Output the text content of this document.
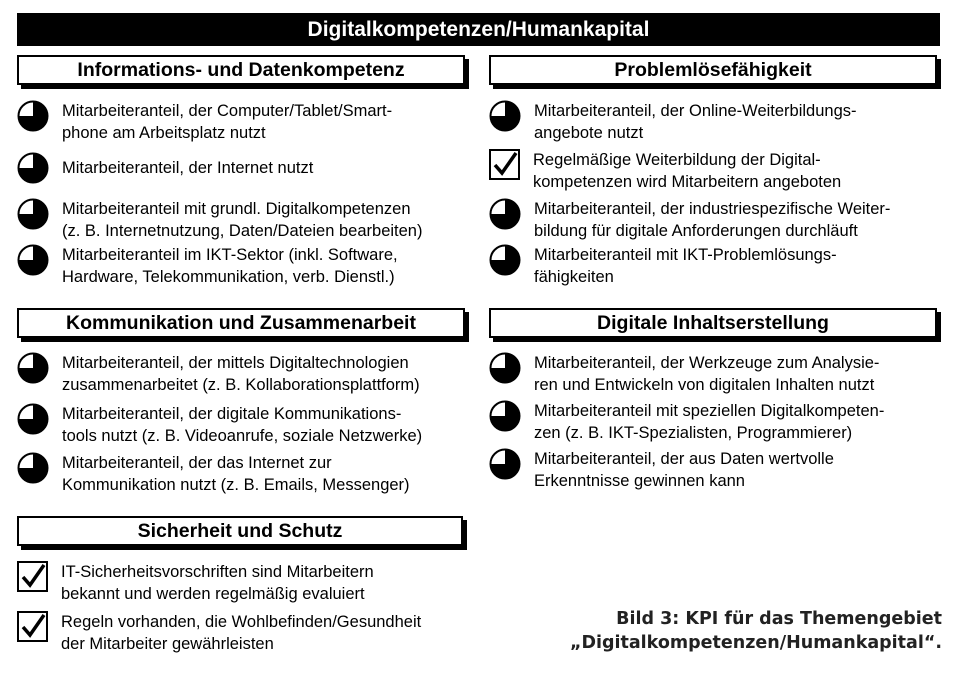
Digitalkompetenzen/Humankapital
Informations- und Datenkompetenz
Mitarbeiteranteil, der Computer/Tablet/Smart-
phone am Arbeitsplatz nutzt
Mitarbeiteranteil, der Internet nutzt
Mitarbeiteranteil mit grundl. Digitalkompetenzen
(z. B. Internetnutzung, Daten/Dateien bearbeiten)
Mitarbeiteranteil im IKT-Sektor (inkl. Software,
Hardware, Telekommunikation, verb. Dienstl.)
Problemlösefähigkeit
Mitarbeiteranteil, der Online-Weiterbildungs-
angebote nutzt
Regelmäßige Weiterbildung der Digital-
kompetenzen wird Mitarbeitern angeboten
Mitarbeiteranteil, der industriespezifische Weiter-
bildung für digitale Anforderungen durchläuft
Mitarbeiteranteil mit IKT-Problemlösungs-
fähigkeiten
Kommunikation und Zusammenarbeit
Mitarbeiteranteil, der mittels Digitaltechnologien
zusammenarbeitet (z. B. Kollaborationsplattform)
Mitarbeiteranteil, der digitale Kommunikations-
tools nutzt (z. B. Videoanrufe, soziale Netzwerke)
Mitarbeiteranteil, der das Internet zur
Kommunikation nutzt (z. B. Emails, Messenger)
Digitale Inhaltserstellung
Mitarbeiteranteil, der Werkzeuge zum Analysie-
ren und Entwickeln von digitalen Inhalten nutzt
Mitarbeiteranteil mit speziellen Digitalkompeten-
zen (z. B. IKT-Spezialisten, Programmierer)
Mitarbeiteranteil, der aus Daten wertvolle
Erkenntnisse gewinnen kann
Sicherheit und Schutz
IT-Sicherheitsvorschriften sind Mitarbeitern
bekannt und werden regelmäßig evaluiert
Regeln vorhanden, die Wohlbefinden/Gesundheit
der Mitarbeiter gewährleisten
Bild 3: KPI für das Themengebiet
„Digitalkompetenzen/Humankapital“.
